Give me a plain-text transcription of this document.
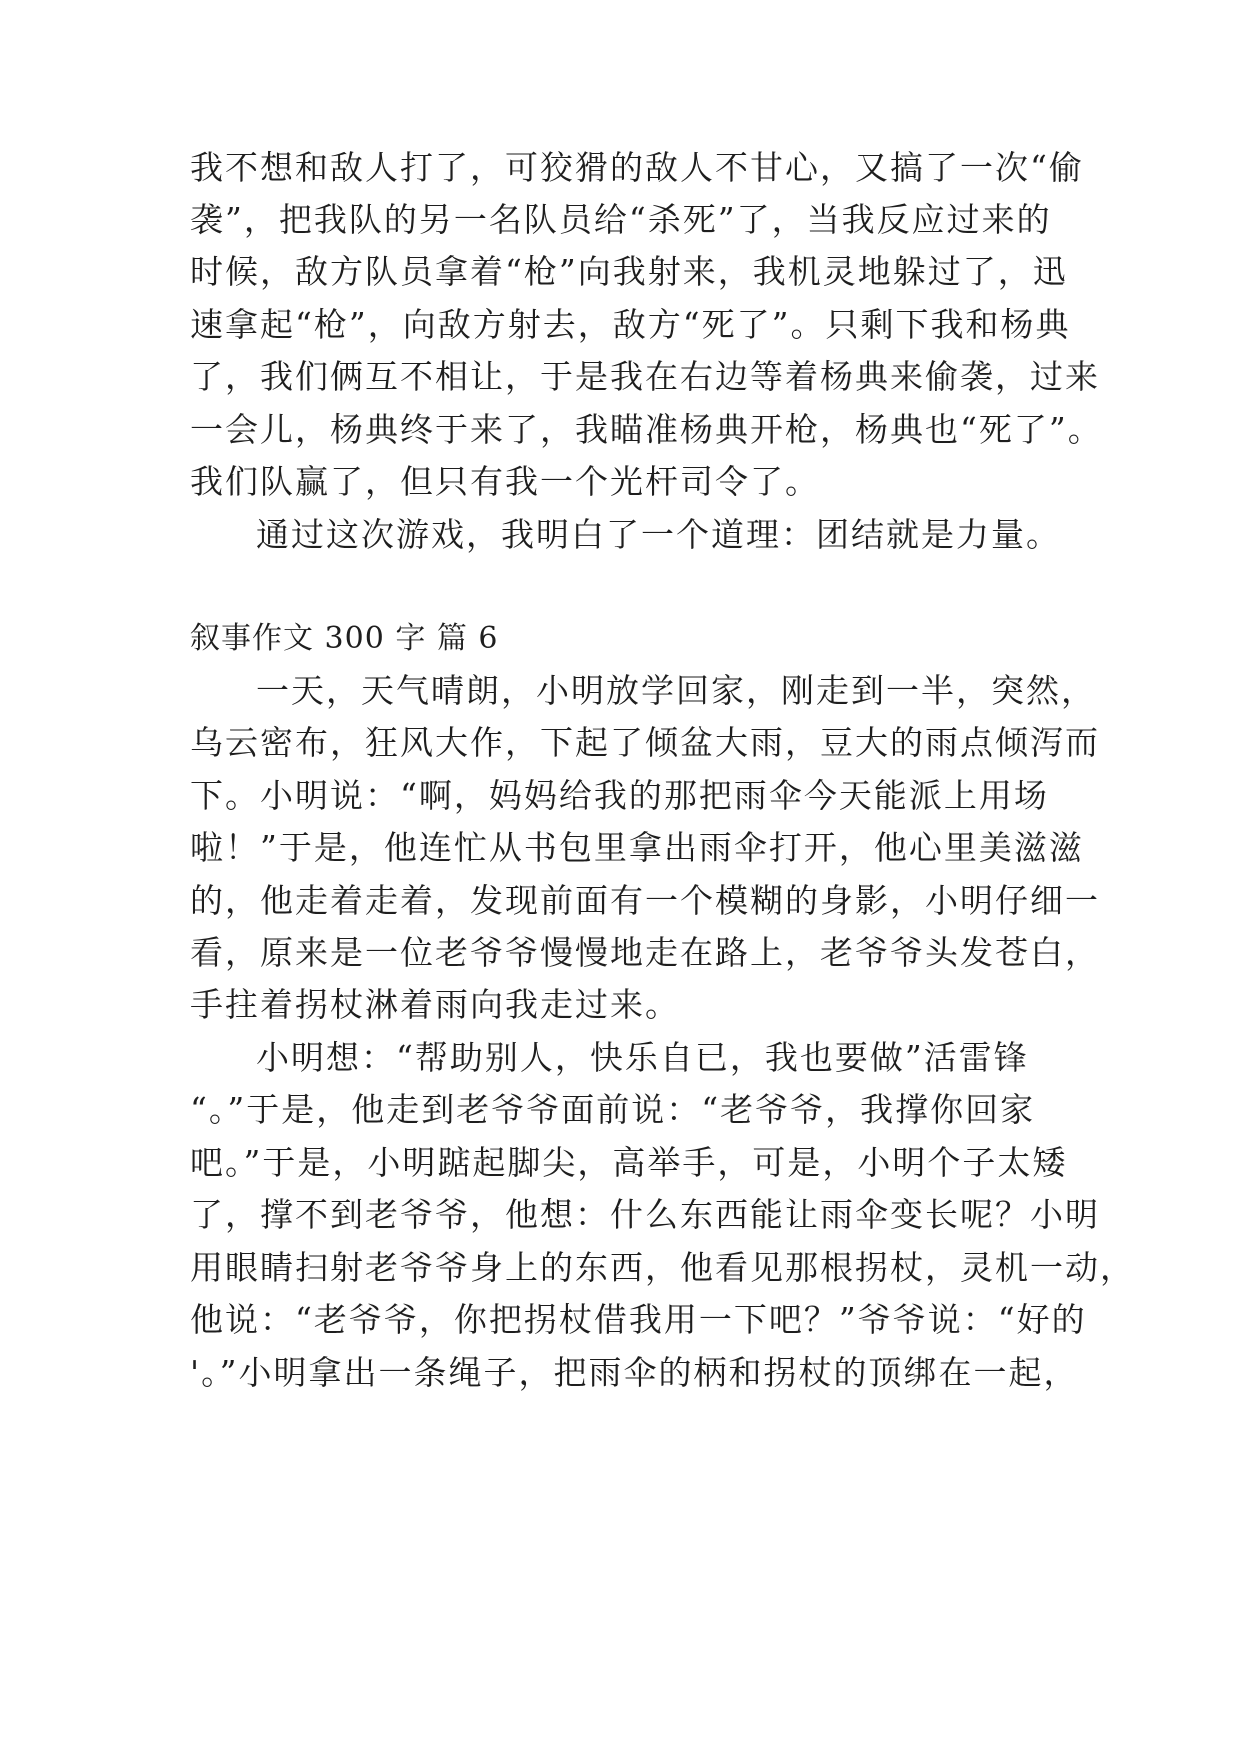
我不想和敌人打了，可狡猾的敌人不甘心，又搞了一次“偷
袭”，把我队的另一名队员给“杀死”了，当我反应过来的
时候，敌方队员拿着“枪”向我射来，我机灵地躲过了，迅
速拿起“枪”，向敌方射去，敌方“死了”。只剩下我和杨典
了，我们俩互不相让，于是我在右边等着杨典来偷袭，过来
一会儿，杨典终于来了，我瞄准杨典开枪，杨典也“死了”。
我们队赢了，但只有我一个光杆司令了。
通过这次游戏，我明白了一个道理：团结就是力量。
叙事作文 300 字 篇 6
一天，天气晴朗，小明放学回家，刚走到一半，突然，
乌云密布，狂风大作，下起了倾盆大雨，豆大的雨点倾泻而
下。小明说：“啊，妈妈给我的那把雨伞今天能派上用场
啦！”于是，他连忙从书包里拿出雨伞打开，他心里美滋滋
的，他走着走着，发现前面有一个模糊的身影，小明仔细一
看，原来是一位老爷爷慢慢地走在路上，老爷爷头发苍白，
手拄着拐杖淋着雨向我走过来。
小明想：“帮助别人，快乐自已，我也要做”活雷锋
“。”于是，他走到老爷爷面前说：“老爷爷，我撑你回家
吧。”于是，小明踮起脚尖，高举手，可是，小明个子太矮
了，撑不到老爷爷，他想：什么东西能让雨伞变长呢？小明
用眼睛扫射老爷爷身上的东西，他看见那根拐杖，灵机一动，
他说：“老爷爷，你把拐杖借我用一下吧？”爷爷说：“好的
'。”小明拿出一条绳子，把雨伞的柄和拐杖的顶绑在一起，
